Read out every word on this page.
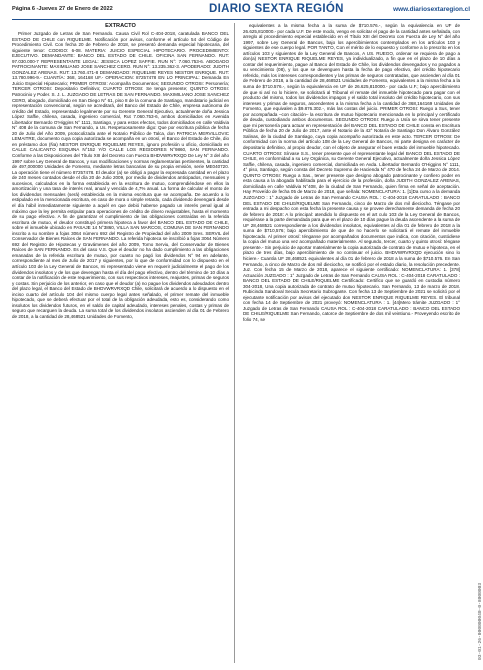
Página 6 -Jueves 27 de Enero de 2022	DIARIO SEXTA REGIÓN	www.diariosextaregion.cl
EXTRACTO

Primer Juzgado de Letras de San Fernando. Causa Civil Rol C-404-2018, caratulada BANCO DEL ESTADO DE CHILE con RIQUELME. Notificación por avisos, conforme el artículo 54 del Código de Procedimiento Civil. Con fecha 20 de Febrero de 2018, se presentó demanda especial hipotecaria, del siguiente tenor: CODIGO: 6-08. MATERIA: JUICIO ESPECIAL HIPOTECARIO. PROCEDIMIENTO: EJECUTIVO. DEMANDANTE: BANCO DEL ESTADO DE CHILE. OFICINA SAN FERNANDO. RUT: 97.030.000-7 REPRESENTANTE LEGAL: JESSICA LOPEZ SAFFIE. RUN N°: 7.060.753-6. ABOGADO PATROCINANTE: MAXIMILIANO JOSE SANCHEZ CERO. RUN N°: 13.235.362-3. APODERADO: JUDITH GONZALEZ ARENAS. RUT: 13.760.471-8 DEMANDADO: RIQUELME REYES NESTOR ENRIQUE. RUT: 13.780.996-9.- CUANTÍA: 368, 164168 UF.- OPERACION: 87257478 EN LO PRINCIPAL: Demanda En Juicio Especial Hipotecario; PRIMER OTROSI: Acompaña Documentos; SEGUNDO OTROSI: Personería; TERCER OTROSI: Depositario Definitivo; CUARTO OTROSI: Se tenga presente; QUINTO OTROSI: Patrocinio y Poder. S. J. L. JUZGADO DE LETRAS DE SAN FERNANDO. MAXIMILIANO JOSE SANCHEZ CERO, abogado, domiciliado en San Diego N° 61, piso 8 de la comuna de Santiago, mandatario judicial en representación convencional, según se acreditará, del Banco del Estado de Chile, empresa autónoma de crédito del Estado, representado legalmente por su Gerente General Ejecutivo, actualmente doña Jessica López Saffie, chilena, casada, ingeniero comercial, Rut 7.060.753-6, ambos domiciliados en Avenida Libertador Bernardo O'Higgins N° 1111, Santiago, y para estos efectos, todos domiciliados en calle Valdivia N° 408 de la comuna de San Fernando, a Us. Respetuosamente digo: Que por escritura pública de fecha 20 de Julio del Año 2009, protocolizada ante el Notario Público de Talca, don PATRICIA MERVILLOVIC LEMAITRE, documento cuya copia autorizada se acompaña en un otrosí, el Banco del Estado de Chile, dio en préstamo don (Ña) NESTOR ENRIQUE RIQUELME REYES, ignoro profesión u oficio, domiciliado en CALLE CALICANTO ESQUINA N°152 Y/O CALLE LOS REGIDORES N°9860, SAN FERNANDO. Conforme a las Disposiciones del Título XIII del Decreto con Fuerza BHDVWRVRXQD De Ley N° 3 del año 1997 sobre Ley General de Bancos, y sus modificaciones y normas reglamentarias pertinentes, la cantidad de 497,000000 Unidades de Fomento, mediante letras bancarias de su propia emisión, serie ME040720. La operación tiene el número 87257478. El deudor (a) se obligó a pagar la expresada cantidad en el plazo de 240 meses contados desde el día 20 de Julio 2009, por medio de dividendos anticipados, mensuales y sucesivos, calculados en la forma establecida en la escritura de mutuo, comprendiéndose en ellos la amortización y una tasa de interés real, anual y vencida de 4,7% anual. La forma de calcular el monto de los dividendos mensuales (será) establecida en la misma escritura que se acompaña. De acuerdo a lo estipulado en la mencionada escritura, en caso de mora o simple retardo, cada dividendo devengará desde el día hábil inmediatamente siguiente a aquél en que debió haberse pagado un interés penal igual al máximo que la ley permita estipular para operaciones de crédito de dinero reajustables, hasta el momento de su pago efectivo. A fin de garantizar el cumplimiento de las obligaciones contraídas en la referida escritura de mutuo, el deudor constituyó primera hipoteca a favor del BANCO DEL ESTADO DE CHILE, sobre el inmueble ubicado en PASAJE 14 N°3860, VILLA SAN MARCOS, COMUNA DE SAN FERNANDO inscrito a su nombre a fojas 3064 número 692 del Registro de Propiedad del año 2009 Sres. SERVIL del Conservador de Bienes Raíces de SAN FERNANDO. La referida hipoteca se inscribió a fojas 3064 Número 692 del Registro de Hipotecas y Gravámenes del año 2009, Tomo Serviu, del Conservador de Bienes Raíces de SAN FERNANDO. Es del caso V.S. Que el deudor no ha dado cumplimiento a las obligaciones emanadas de la referida escritura de mutuo, por cuanto no pagó los dividendos N° 94 en adelante, correspondiente al mes de Julio de 2017 y siguientes, por lo que de conformidad con lo dispuesto en el artículo 103 de la Ley General de Bancos, mi representado viene en requerir judicialmente el pago de los dividendos insolutos y de los que devengan hasta el día del pago efectivo, dentro del término de 10 días a contar de la notificación de este requerimiento, con sus respectivos intereses, reajustes, primas de seguros y costas. Sin perjuicio de los anterior, en caso que el deudor (a) no pague los dividendos adeudados dentro del plazo legal, el Banco del Estado de BHDVWRVRXQD Chile, solicitará de acuerdo a lo dispuesto en el inciso cuarto del artículo 104 del mismo cuerpo legal antes señalado, el primer remate del inmueble hipotecado, que se deberá efectuar por el total de la obligación adeudada, esto es, considerando como insolutos los dividendos futuros, en el saldo de capital adeudado, intereses penales, costas y primas de seguro que recarguen la deuda. La suma total de los dividendos insolutos ascienden al día 01 de Febrero de 2018, a la cantidad de 28,468521 Unidades de Fomento,

equivalentes a la misma fecha a la suma de $710.576.-, según la equivalencia en UF de 26.625,810000.- por cada U.F. De este modo, vengo en solicitar el pago de la cantidad antes señalada, con arreglo al procedimiento especial establecido en el Título XIII del Decreto con Fuerza de Ley N° del año 1997, sobre Ley General de Bancos, bajo los apercibimientos contemplados en los artículos 103 y siguientes de ese cuerpo legal. POR TANTO, Con el mérito de lo expuesto y conforme a lo prescrito en los artículos 103 y siguientes de la Ley General de Bancos, A US. RUEGO, ordenar se requiera de pago a don(a) NESTOR ENRIQUE RIQUELME REYES, ya individualizado, a fin que en el plazo de 10 días a contar del requerimiento, pague al Banco del Estado de Chile, los dividendos devengados y no pagados a su vencimiento (08), y los que se devenguen hasta la fecha de pago efectivo, del crédito hipotecario referido, más los intereses correspondientes y las primas de seguros contratadas, que ascienden al día 01 de Febrero de 2018, a la cantidad de 28,468521 Unidades de Fomento, equivalentes a la misma fecha a la suma de $710.576.-, según la equivalencia en UF de 26.625,810000.- por cada U.F.; bajo apercibimiento de que si así no lo hiciere, se solicitará al Tribunal el remate del inmueble hipotecado para pagar con el producto del mismo, todos los dividendos impagos y el saldo total insoluto del crédito hipotecario, con sus intereses y primas de seguros, ascendentes a la misma fecha a la cantidad de 368,164169 Unidades de Fomento, que equivalen a $9.876.302.-, más las costas del juicio. PRIMER OTROSI: Ruego a Sus, tener por acompañada –con citación– la escritura de mutuo hipotecario mencionada en lo principal y certificado de deuda, custodiando ambos documentos. SEGUNDO OTROSI: Ruego a Usía se sirva tener presente que mi personería para actuar en representación del BANCO DEL ESTADO DE CHILE consta en Escritura Pública de fecha 20 de Julio de 2017, ante el Notario de la 42° Notaría de Santiago Don Álvaro González Salinas, de la ciudad de Santiago, cuya copia acompaño autorizada en este acto. TERCER OTROSI: De conformidad con la norma del artículo 108 de la Ley General de Bancos, mi parte designa en carácter de depositario definitivo, al propio deudor, con el objeto de asegurar el buen estado del inmueble hipotecado. CUARTO OTROSI: Sírvase S.S., tener presente que el representante legal del BANCO DEL ESTADO DE CHILE, en conformidad a su Ley Orgánica, su Gerente General Ejecutivo, actualmente doña Jessica López Saffie, chilena, casada, ingeniero comercial, domiciliada en Avda. Libertador Bernardo O'Higgins N° 1111, 4° piso, Santiago, según consta del Decreto Supremo de Hacienda N° 470 de fecha 24 de Marzo de 2014. QUINTO OTROSI: Ruego a Sas., tener presente que designo abogado patrocinante y confiero poder en esta causa a la abogada habilitada para el ejercicio de la profesión, doña JUDITH GONZALEZ ARENAS, domiciliada en calle Valdivia N°408, de la ciudad de San Fernando, quien firma en señal de aceptación. Hay Proveído de fecha 05 de Marzo de 2018, que señala: NOMENCLATURA: 1. [1]Da curso a la demanda JUZGADO : 1° Juzgado de Letras de San Fernando CAUSA ROL : C-404-2018 CARATULADO : BANCO DEL ESTADO DE CHILE/RIQUELME San Fernando, cinco de Marzo de dos mil dieciocho. Téngase por entrada a mi despacho con esta fecha la presente causa y se provee derechamente demanda de fecha 20 de febrero de 2018: A lo principal: atendido lo dispuesto en el art culo 103 de la Ley General de Bancos, requiérase a la parte demandada para que en el plazo de 10 días pague la deuda ascendente a la suma de UF 28,468521 correspondiente a los dividendos insolutos, equivalentes al día 01 de febrero de 2018 a la suma de $710,576; bajo apercibimiento de que de no hacerlo se solicitará el remate del inmueble hipotecado. Al primer otrosí: ténganse por acompañados documentos que indica, con citación, custódiese la copia del mutuo una vez acompañado materialmente. Al segundo, tercer, cuarto y quinto otrosí: téngase presente.- Sin perjuicio de aportar materialmente la copia autorizada de contrato de mutuo e hipoteca, en el plazo de tres días, bajo apercibimiento de no continuar el juicio. BHDVWRVRXQD ejecución sino lo hiciere.- Cuantía UF 28,468521 equivalentes al día 01 de febrero de 2018 a la suma de $710.576. En San Fernando, a cinco de Marzo de dos mil dieciocho, se notificó por el estado diario, la resolución precedente. Juz. Con fecha 15 de Marzo de 2018, aparece el siguiente certificado: NOMENCLATURA: 1. [378] Actuación JUZGADO : 1° Juzgado de Letras de San Fernando CAUSA ROL : C-404-2018 CARATULADO : BANCO DEL ESTADO DE CHILE/RIQUELME Certificado: Certifico que se guardó en custodia número 304-2018, Una copia autorizada de contrato de mutuo hipotecario. San Fernando, 13 de marzo de 2018. Rubicinda Sandoval Secula Secretario Subrogante. Con fecha 13 de Septiembre de 2021 se solicitó por el ejecutante notificación por avisos del ejecutado don NESTOR ENRIQUE RIQUELME REYES. El tribunal con fecha 14 de Septiembre de 2021 proveyó: NOMENCLATURA : 1. [44]Mero trámite JUZGADO : 1° Juzgado de Letras de San Fernando CAUSA ROL : C-404-2018 CARATULADO : BANCO DEL ESTADO DE CHILE/RIQUELME San Fernando, catorce de Septiembre de dos mil veintiuno.- Proveyendo escrito de folio 74, se

03-01-26-000000040-0-8000003
